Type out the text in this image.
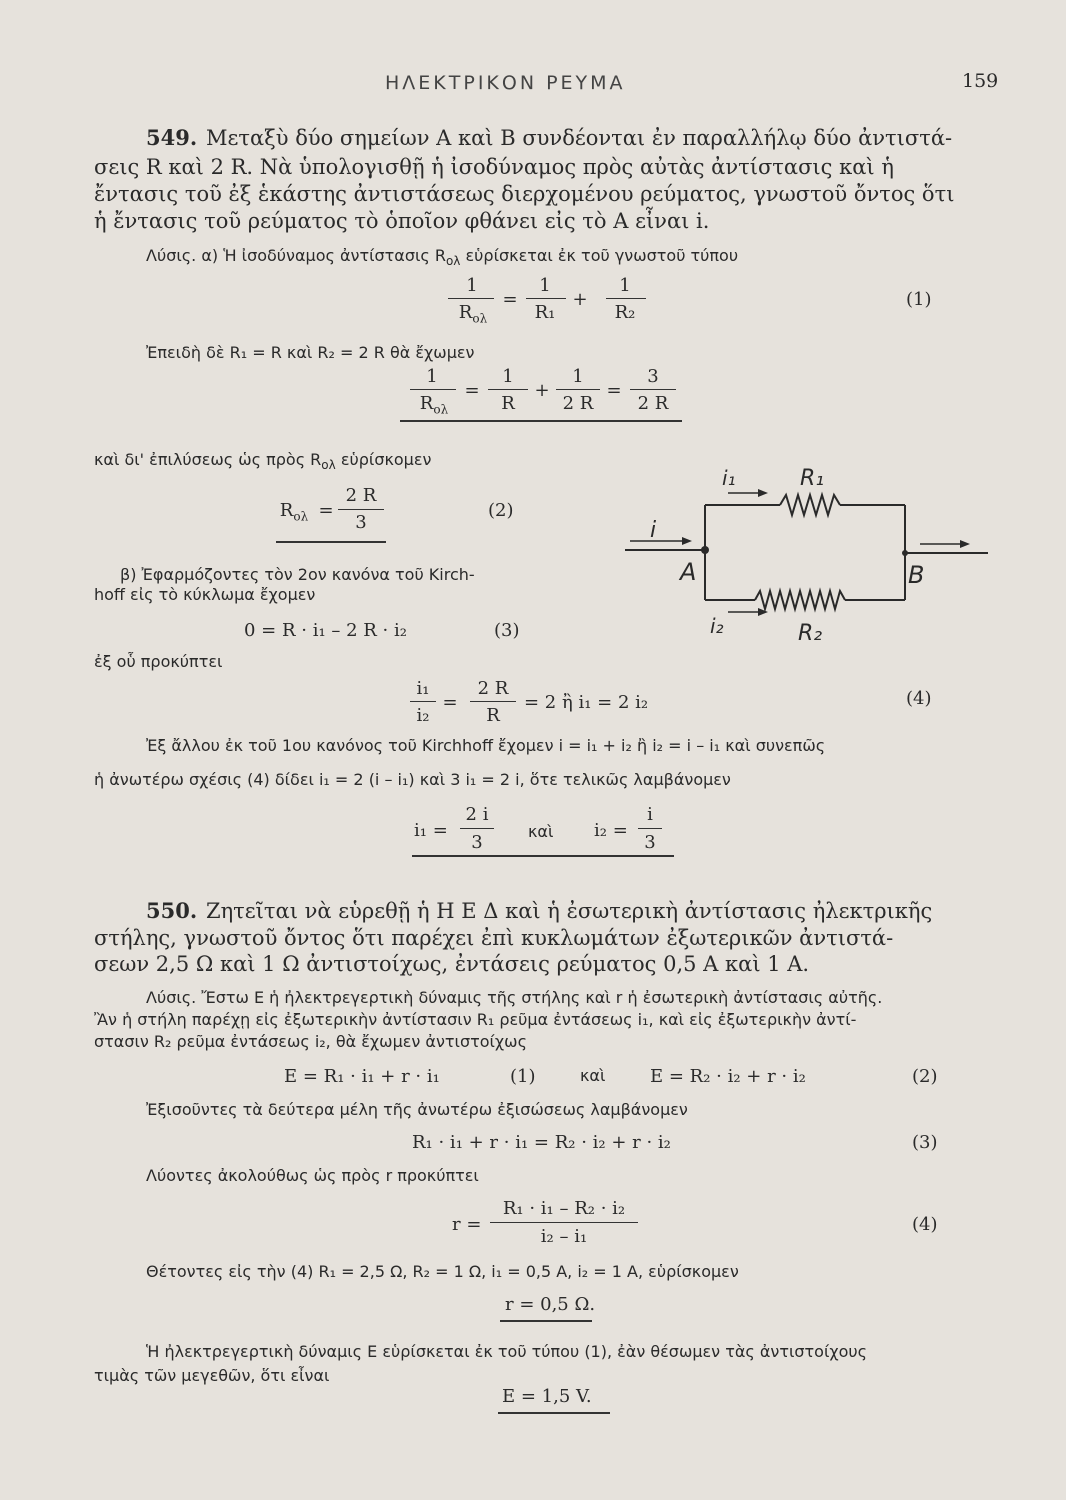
ΗΛΕΚΤΡΙΚΟΝ ΡΕΥΜΑ	159
549. Μεταξὺ δύο σημείων Α καὶ Β συνδέονται ἐν παραλλήλῳ δύο ἀντιστά-
σεις R καὶ 2 R. Νὰ ὑπολογισθῇ ἡ ἰσοδύναμος πρὸς αὐτὰς ἀντίστασις καὶ ἡ
ἔντασις τοῦ ἐξ ἑκάστης ἀντιστάσεως διερχομένου ρεύματος, γνωστοῦ ὄντος ὅτι
ἡ ἔντασις τοῦ ρεύματος τὸ ὁποῖον φθάνει εἰς τὸ Α εἶναι i.
Λύσις. α) Ἡ ἰσοδύναμος ἀντίστασις $R_{o\lambda}$ εὑρίσκεται ἐκ τοῦ γνωστοῦ τύπου
1
$R_{o\lambda}$
=
1
R₁
+
1
R₂
(1)
Ἐπειδὴ δὲ R₁ = R καὶ R₂ = 2 R θὰ ἔχωμεν
1
$R_{o\lambda}$
=
1
R
+
1
2 R
=
3
2 R
καὶ δι' ἐπιλύσεως ὡς πρὸς $R_{o\lambda}$ εὑρίσκομεν
$R_{o\lambda}$ =
2 R
3
(2)
β) Ἐφαρμόζοντες τὸν 2ον κανόνα τοῦ Kirch-
hoff εἰς τὸ κύκλωμα ἔχομεν
0 = R · i₁ – 2 R · i₂	(3)
ἐξ οὗ προκύπτει
i₁
i₂
=
2 R
R
= 2 ἢ i₁ = 2 i₂	(4)
Ἐξ ἄλλου ἐκ τοῦ 1ου κανόνος τοῦ Kirchhoff ἔχομεν i = i₁ + i₂ ἢ i₂ = i – i₁ καὶ συνεπῶς
ἡ ἀνωτέρω σχέσις (4) δίδει i₁ = 2 (i – i₁) καὶ 3 i₁ = 2 i, ὅτε τελικῶς λαμβάνομεν
i₁ =
2 i
3
καὶ i₂ =
i
3
i
i₁	R₁
A	B
i₂	R₂
550. Ζητεῖται νὰ εὑρεθῇ ἡ Η Ε Δ καὶ ἡ ἐσωτερικὴ ἀντίστασις ἠλεκτρικῆς
στήλης, γνωστοῦ ὄντος ὅτι παρέχει ἐπὶ κυκλωμάτων ἐξωτερικῶν ἀντιστά-
σεων 2,5 Ω καὶ 1 Ω ἀντιστοίχως, ἐντάσεις ρεύματος 0,5 Α καὶ 1 Α.
Λύσις. Ἔστω Ε ἡ ἠλεκτρεγερτικὴ δύναμις τῆς στήλης καὶ r ἡ ἐσωτερικὴ ἀντίστασις αὐτῆς.
Ἂν ἡ στήλη παρέχῃ εἰς ἐξωτερικὴν ἀντίστασιν R₁ ρεῦμα ἐντάσεως i₁, καὶ εἰς ἐξωτερικὴν ἀντί-
στασιν R₂ ρεῦμα ἐντάσεως i₂, θὰ ἔχωμεν ἀντιστοίχως
E = R₁ · i₁ + r · i₁	(1)	καὶ E = R₂ · i₂ + r · i₂	(2)
Ἐξισοῦντες τὰ δεύτερα μέλη τῆς ἀνωτέρω ἐξισώσεως λαμβάνομεν
R₁ · i₁ + r · i₁ = R₂ · i₂ + r · i₂	(3)
Λύοντες ἀκολούθως ὡς πρὸς r προκύπτει
r =
R₁ · i₁ – R₂ · i₂
i₂ – i₁
(4)
Θέτοντες εἰς τὴν (4) R₁ = 2,5 Ω, R₂ = 1 Ω, i₁ = 0,5 A, i₂ = 1 A, εὑρίσκομεν
r = 0,5 Ω.
Ἡ ἠλεκτρεγερτικὴ δύναμις Ε εὑρίσκεται ἐκ τοῦ τύπου (1), ἐὰν θέσωμεν τὰς ἀντιστοίχους
τιμὰς τῶν μεγεθῶν, ὅτι εἶναι
E = 1,5 V.
